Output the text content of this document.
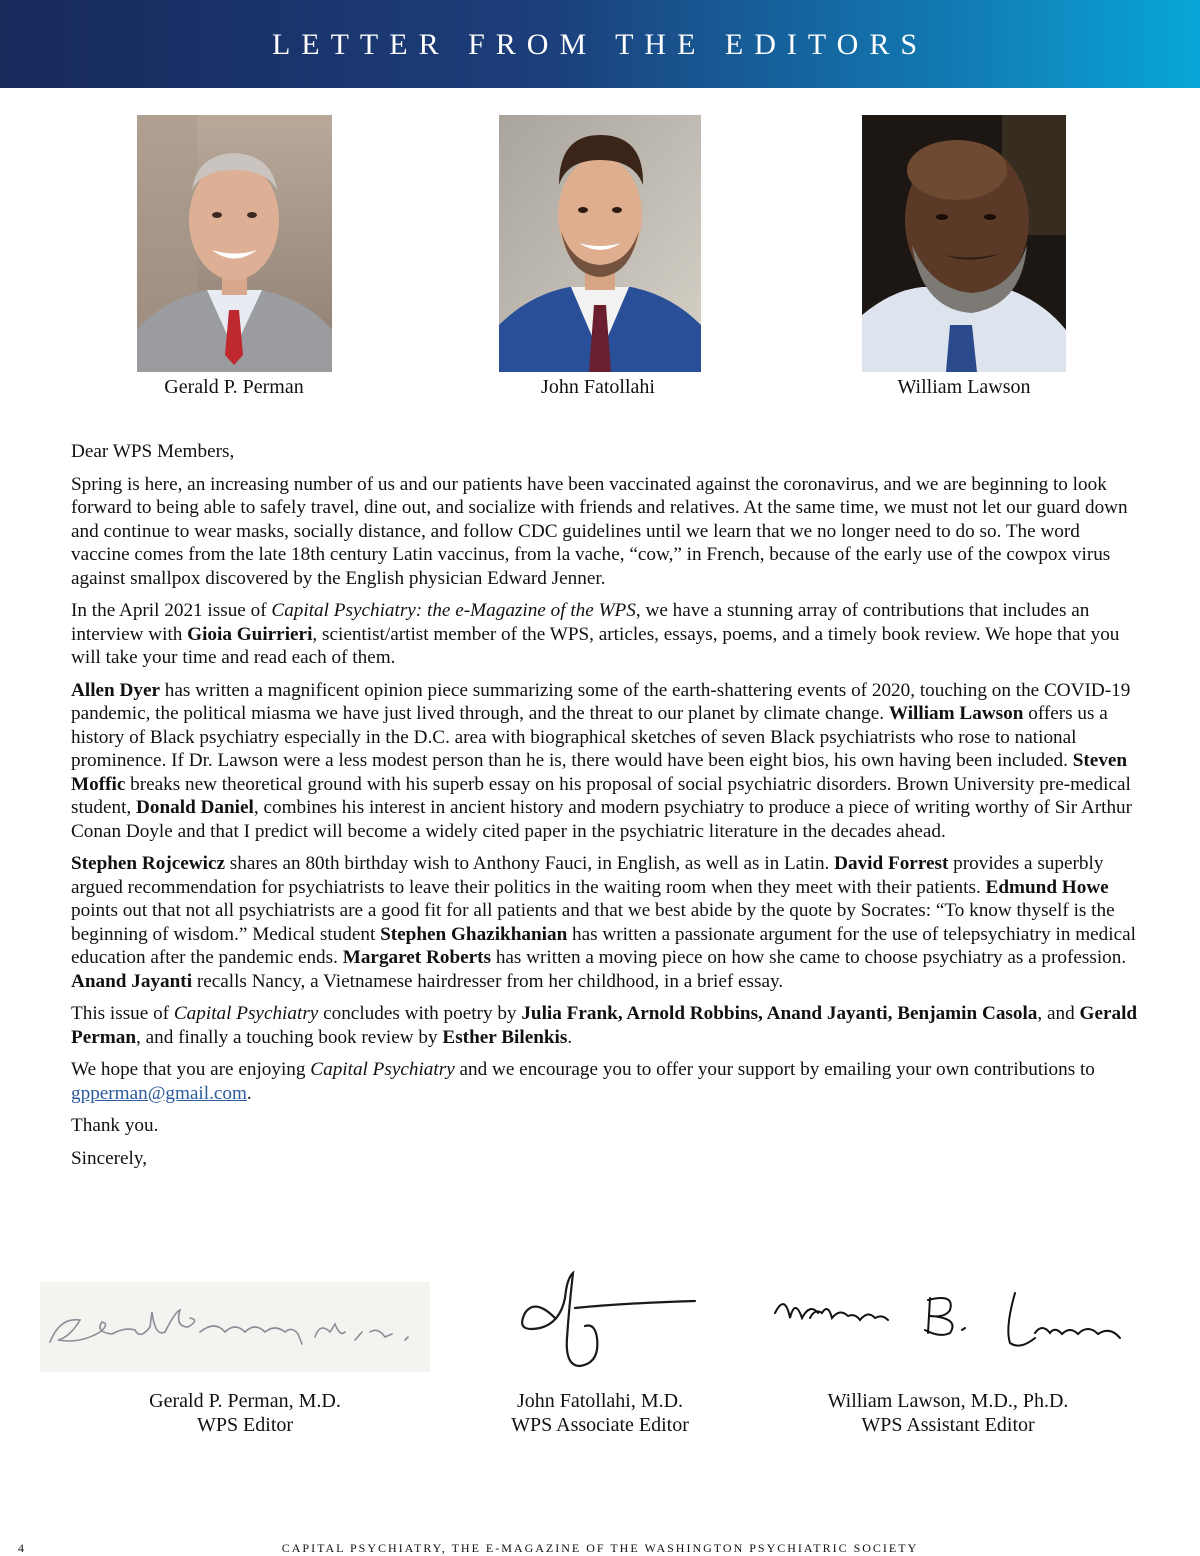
LETTER FROM THE EDITORS
Gerald P. Perman	John Fatollahi	William Lawson

Dear WPS Members,

Spring is here, an increasing number of us and our patients have been vaccinated against the coronavirus, and we are beginning to look forward to being able to safely travel, dine out, and socialize with friends and relatives. At the same time, we must not let our guard down and continue to wear masks, socially distance, and follow CDC guidelines until we learn that we no longer need to do so. The word vaccine comes from the late 18th century Latin vaccinus, from la vache, “cow,” in French, because of the early use of the cowpox virus against smallpox discovered by the English physician Edward Jenner.

In the April 2021 issue of Capital Psychiatry: the e-Magazine of the WPS, we have a stunning array of contributions that includes an interview with Gioia Guirrieri, scientist/artist member of the WPS, articles, essays, poems, and a timely book review. We hope that you will take your time and read each of them.

Allen Dyer has written a magnificent opinion piece summarizing some of the earth-shattering events of 2020, touching on the COVID-19 pandemic, the political miasma we have just lived through, and the threat to our planet by climate change. William Lawson offers us a history of Black psychiatry especially in the D.C. area with biographical sketches of seven Black psychiatrists who rose to national prominence. If Dr. Lawson were a less modest person than he is, there would have been eight bios, his own having been included. Steven Moffic breaks new theoretical ground with his superb essay on his proposal of social psychiatric disorders. Brown University pre-medical student, Donald Daniel, combines his interest in ancient history and modern psychiatry to produce a piece of writing worthy of Sir Arthur Conan Doyle and that I predict will become a widely cited paper in the psychiatric literature in the decades ahead.

Stephen Rojcewicz shares an 80th birthday wish to Anthony Fauci, in English, as well as in Latin. David Forrest provides a superbly argued recommendation for psychiatrists to leave their politics in the waiting room when they meet with their patients. Edmund Howe points out that not all psychiatrists are a good fit for all patients and that we best abide by the quote by Socrates: “To know thyself is the beginning of wisdom.” Medical student Stephen Ghazikhanian has written a passionate argument for the use of telepsychiatry in medical education after the pandemic ends. Margaret Roberts has written a moving piece on how she came to choose psychiatry as a profession. Anand Jayanti recalls Nancy, a Vietnamese hairdresser from her childhood, in a brief essay.

This issue of Capital Psychiatry concludes with poetry by Julia Frank, Arnold Robbins, Anand Jayanti, Benjamin Casola, and Gerald Perman, and finally a touching book review by Esther Bilenkis.

We hope that you are enjoying Capital Psychiatry and we encourage you to offer your support by emailing your own contributions to gpperman@gmail.com.

Thank you.

Sincerely,

Gerald P. Perman, M.D.
WPS Editor
John Fatollahi, M.D.
WPS Associate Editor
William Lawson, M.D., Ph.D.
WPS Assistant Editor
4	CAPITAL PSYCHIATRY, THE E-MAGAZINE OF THE WASHINGTON PSYCHIATRIC SOCIETY
